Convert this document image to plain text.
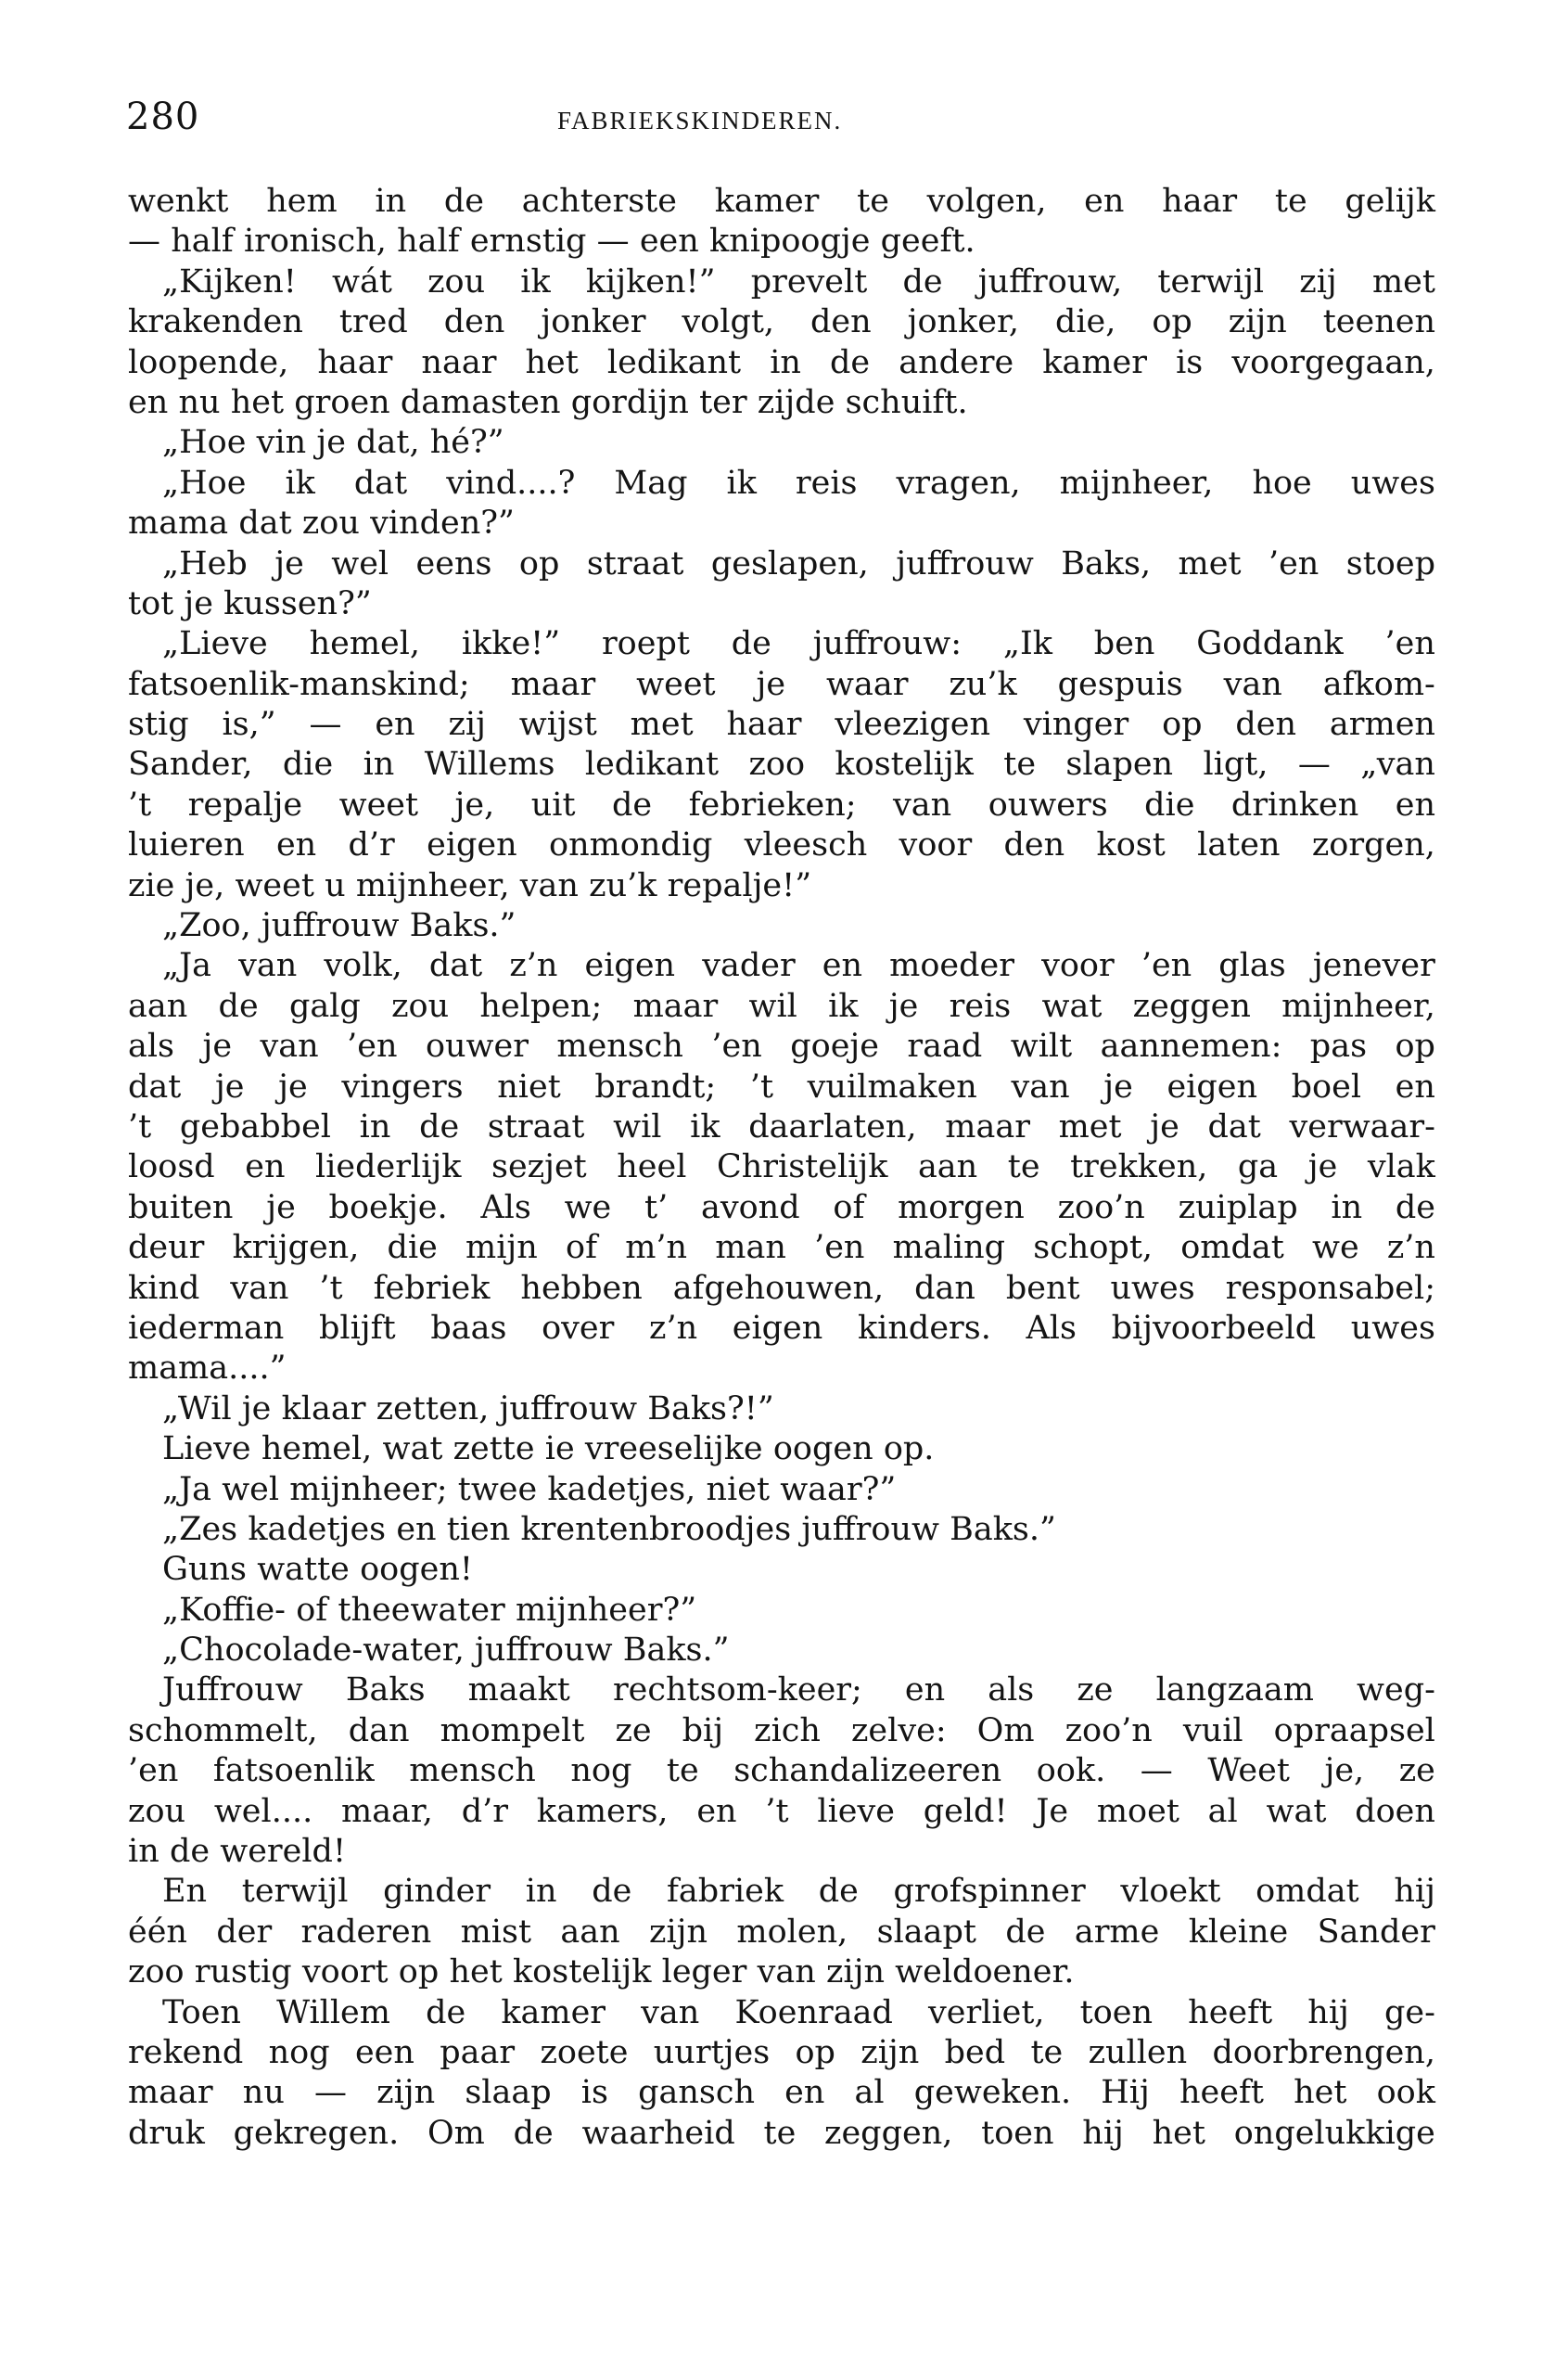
280	FABRIEKSKINDEREN.
wenkt hem in de achterste kamer te volgen, en haar te gelijk
— half ironisch, half ernstig — een knipoogje geeft.
„Kijken! wát zou ik kijken!” prevelt de juffrouw, terwijl zij met
krakenden tred den jonker volgt, den jonker, die, op zijn teenen
loopende, haar naar het ledikant in de andere kamer is voorgegaan,
en nu het groen damasten gordijn ter zijde schuift.
„Hoe vin je dat, hé?”
„Hoe ik dat vind....? Mag ik reis vragen, mijnheer, hoe uwes
mama dat zou vinden?”
„Heb je wel eens op straat geslapen, juffrouw Baks, met ’en stoep
tot je kussen?”
„Lieve hemel, ikke!” roept de juffrouw: „Ik ben Goddank ’en
fatsoenlik-manskind; maar weet je waar zu’k gespuis van afkom-
stig is,” — en zij wijst met haar vleezigen vinger op den armen
Sander, die in Willems ledikant zoo kostelijk te slapen ligt, — „van
’t repalje weet je, uit de febrieken; van ouwers die drinken en
luieren en d’r eigen onmondig vleesch voor den kost laten zorgen,
zie je, weet u mijnheer, van zu’k repalje!”
„Zoo, juffrouw Baks.”
„Ja van volk, dat z’n eigen vader en moeder voor ’en glas jenever
aan de galg zou helpen; maar wil ik je reis wat zeggen mijnheer,
als je van ’en ouwer mensch ’en goeje raad wilt aannemen: pas op
dat je je vingers niet brandt; ’t vuilmaken van je eigen boel en
’t gebabbel in de straat wil ik daarlaten, maar met je dat verwaar-
loosd en liederlijk sezjet heel Christelijk aan te trekken, ga je vlak
buiten je boekje. Als we t’ avond of morgen zoo’n zuiplap in de
deur krijgen, die mijn of m’n man ’en maling schopt, omdat we z’n
kind van ’t febriek hebben afgehouwen, dan bent uwes responsabel;
iederman blijft baas over z’n eigen kinders. Als bijvoorbeeld uwes
mama....”
„Wil je klaar zetten, juffrouw Baks?!”
Lieve hemel, wat zette ie vreeselijke oogen op.
„Ja wel mijnheer; twee kadetjes, niet waar?”
„Zes kadetjes en tien krentenbroodjes juffrouw Baks.”
Guns watte oogen!
„Koffie- of theewater mijnheer?”
„Chocolade-water, juffrouw Baks.”
Juffrouw Baks maakt rechtsom-keer; en als ze langzaam weg-
schommelt, dan mompelt ze bij zich zelve: Om zoo’n vuil opraapsel
’en fatsoenlik mensch nog te schandalizeeren ook. — Weet je, ze
zou wel.... maar, d’r kamers, en ’t lieve geld! Je moet al wat doen
in de wereld!
En terwijl ginder in de fabriek de grofspinner vloekt omdat hij
één der raderen mist aan zijn molen, slaapt de arme kleine Sander
zoo rustig voort op het kostelijk leger van zijn weldoener.
Toen Willem de kamer van Koenraad verliet, toen heeft hij ge-
rekend nog een paar zoete uurtjes op zijn bed te zullen doorbrengen,
maar nu — zijn slaap is gansch en al geweken. Hij heeft het ook
druk gekregen. Om de waarheid te zeggen, toen hij het ongelukkige
